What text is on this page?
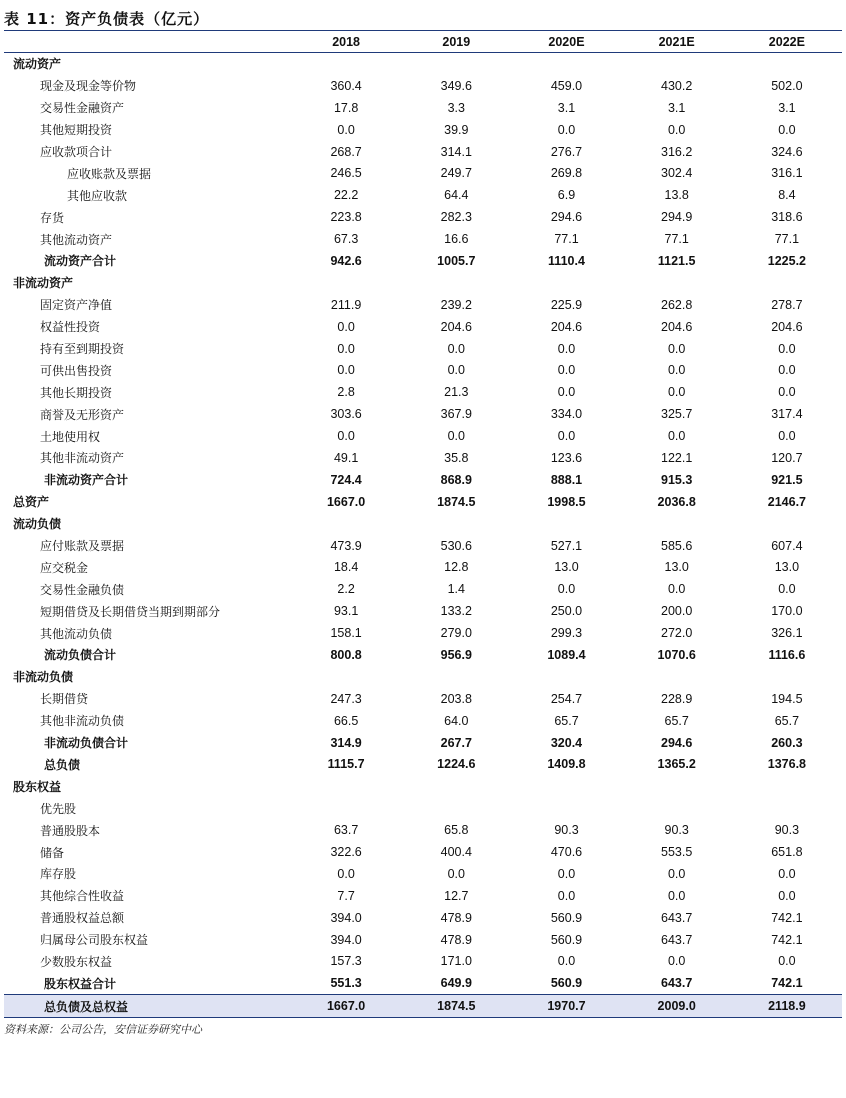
表 11：资产负债表（亿元）
	2018	2019	2020E	2021E	2022E
流动资产					
现金及现金等价物	360.4	349.6	459.0	430.2	502.0
交易性金融资产	17.8	3.3	3.1	3.1	3.1
其他短期投资	0.0	39.9	0.0	0.0	0.0
应收款项合计	268.7	314.1	276.7	316.2	324.6
应收账款及票据	246.5	249.7	269.8	302.4	316.1
其他应收款	22.2	64.4	6.9	13.8	8.4
存货	223.8	282.3	294.6	294.9	318.6
其他流动资产	67.3	16.6	77.1	77.1	77.1
流动资产合计	942.6	1005.7	1110.4	1121.5	1225.2
非流动资产					
固定资产净值	211.9	239.2	225.9	262.8	278.7
权益性投资	0.0	204.6	204.6	204.6	204.6
持有至到期投资	0.0	0.0	0.0	0.0	0.0
可供出售投资	0.0	0.0	0.0	0.0	0.0
其他长期投资	2.8	21.3	0.0	0.0	0.0
商誉及无形资产	303.6	367.9	334.0	325.7	317.4
土地使用权	0.0	0.0	0.0	0.0	0.0
其他非流动资产	49.1	35.8	123.6	122.1	120.7
非流动资产合计	724.4	868.9	888.1	915.3	921.5
总资产	1667.0	1874.5	1998.5	2036.8	2146.7
流动负债					
应付账款及票据	473.9	530.6	527.1	585.6	607.4
应交税金	18.4	12.8	13.0	13.0	13.0
交易性金融负债	2.2	1.4	0.0	0.0	0.0
短期借贷及长期借贷当期到期部分	93.1	133.2	250.0	200.0	170.0
其他流动负债	158.1	279.0	299.3	272.0	326.1
流动负债合计	800.8	956.9	1089.4	1070.6	1116.6
非流动负债					
长期借贷	247.3	203.8	254.7	228.9	194.5
其他非流动负债	66.5	64.0	65.7	65.7	65.7
非流动负债合计	314.9	267.7	320.4	294.6	260.3
总负债	1115.7	1224.6	1409.8	1365.2	1376.8
股东权益					
优先股					
普通股股本	63.7	65.8	90.3	90.3	90.3
储备	322.6	400.4	470.6	553.5	651.8
库存股	0.0	0.0	0.0	0.0	0.0
其他综合性收益	7.7	12.7	0.0	0.0	0.0
普通股权益总额	394.0	478.9	560.9	643.7	742.1
归属母公司股东权益	394.0	478.9	560.9	643.7	742.1
少数股东权益	157.3	171.0	0.0	0.0	0.0
股东权益合计	551.3	649.9	560.9	643.7	742.1
总负债及总权益	1667.0	1874.5	1970.7	2009.0	2118.9
资料来源：公司公告，安信证券研究中心
